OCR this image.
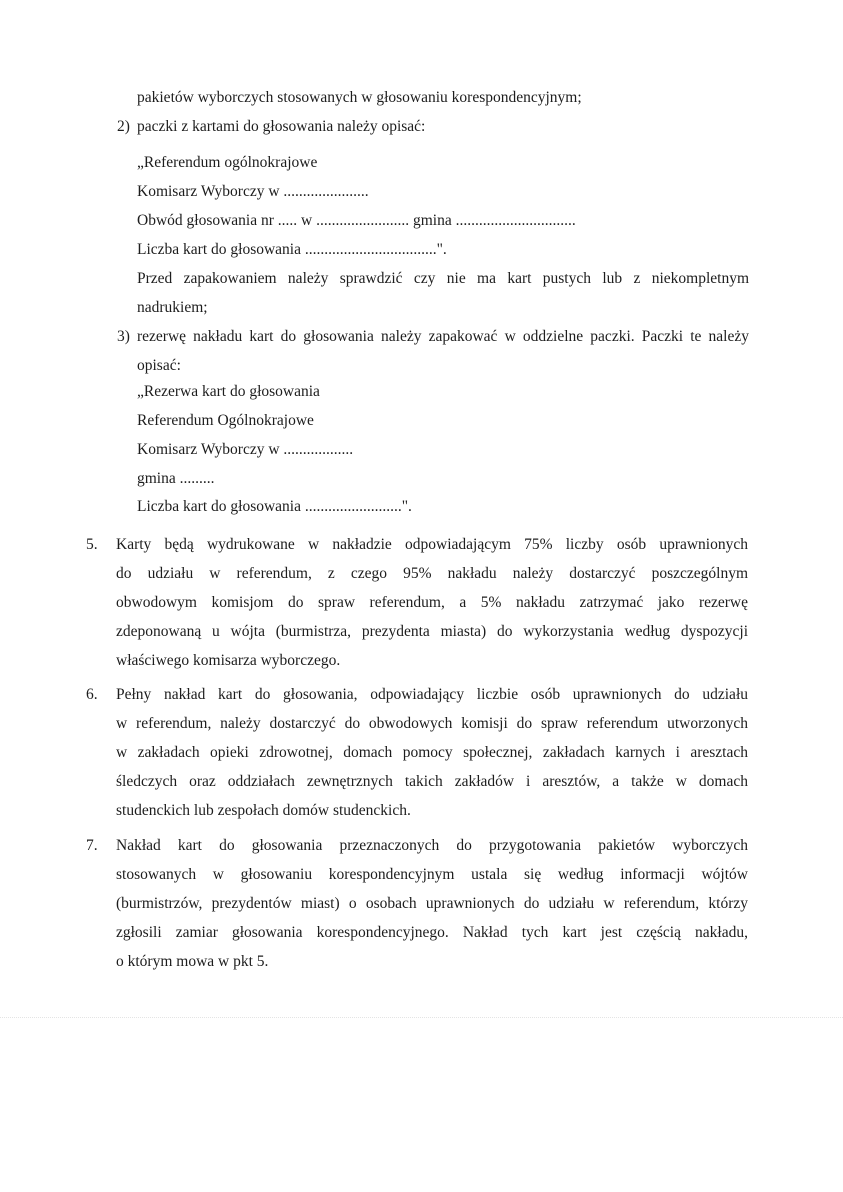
pakietów wyborczych stosowanych w głosowaniu korespondencyjnym;
2) paczki z kartami do głosowania należy opisać:
„Referendum ogólnokrajowe
Komisarz Wyborczy w ......................
Obwód głosowania nr ..... w ........................ gmina ...............................
Liczba kart do głosowania ..................................".
Przed zapakowaniem należy sprawdzić czy nie ma kart pustych lub z niekompletnym
nadrukiem;
3) rezerwę nakładu kart do głosowania należy zapakować w oddzielne paczki. Paczki te należy
opisać:
„Rezerwa kart do głosowania
Referendum Ogólnokrajowe
Komisarz Wyborczy w ..................
gmina .........
Liczba kart do głosowania .........................".
5. Karty będą wydrukowane w nakładzie odpowiadającym 75% liczby osób uprawnionych
do udziału w referendum, z czego 95% nakładu należy dostarczyć poszczególnym
obwodowym komisjom do spraw referendum, a 5% nakładu zatrzymać jako rezerwę
zdeponowaną u wójta (burmistrza, prezydenta miasta) do wykorzystania według dyspozycji
właściwego komisarza wyborczego.
6. Pełny nakład kart do głosowania, odpowiadający liczbie osób uprawnionych do udziału
w referendum, należy dostarczyć do obwodowych komisji do spraw referendum utworzonych
w zakładach opieki zdrowotnej, domach pomocy społecznej, zakładach karnych i aresztach
śledczych oraz oddziałach zewnętrznych takich zakładów i aresztów, a także w domach
studenckich lub zespołach domów studenckich.
7. Nakład kart do głosowania przeznaczonych do przygotowania pakietów wyborczych
stosowanych w głosowaniu korespondencyjnym ustala się według informacji wójtów
(burmistrzów, prezydentów miast) o osobach uprawnionych do udziału w referendum, którzy
zgłosili zamiar głosowania korespondencyjnego. Nakład tych kart jest częścią nakładu,
o którym mowa w pkt 5.
